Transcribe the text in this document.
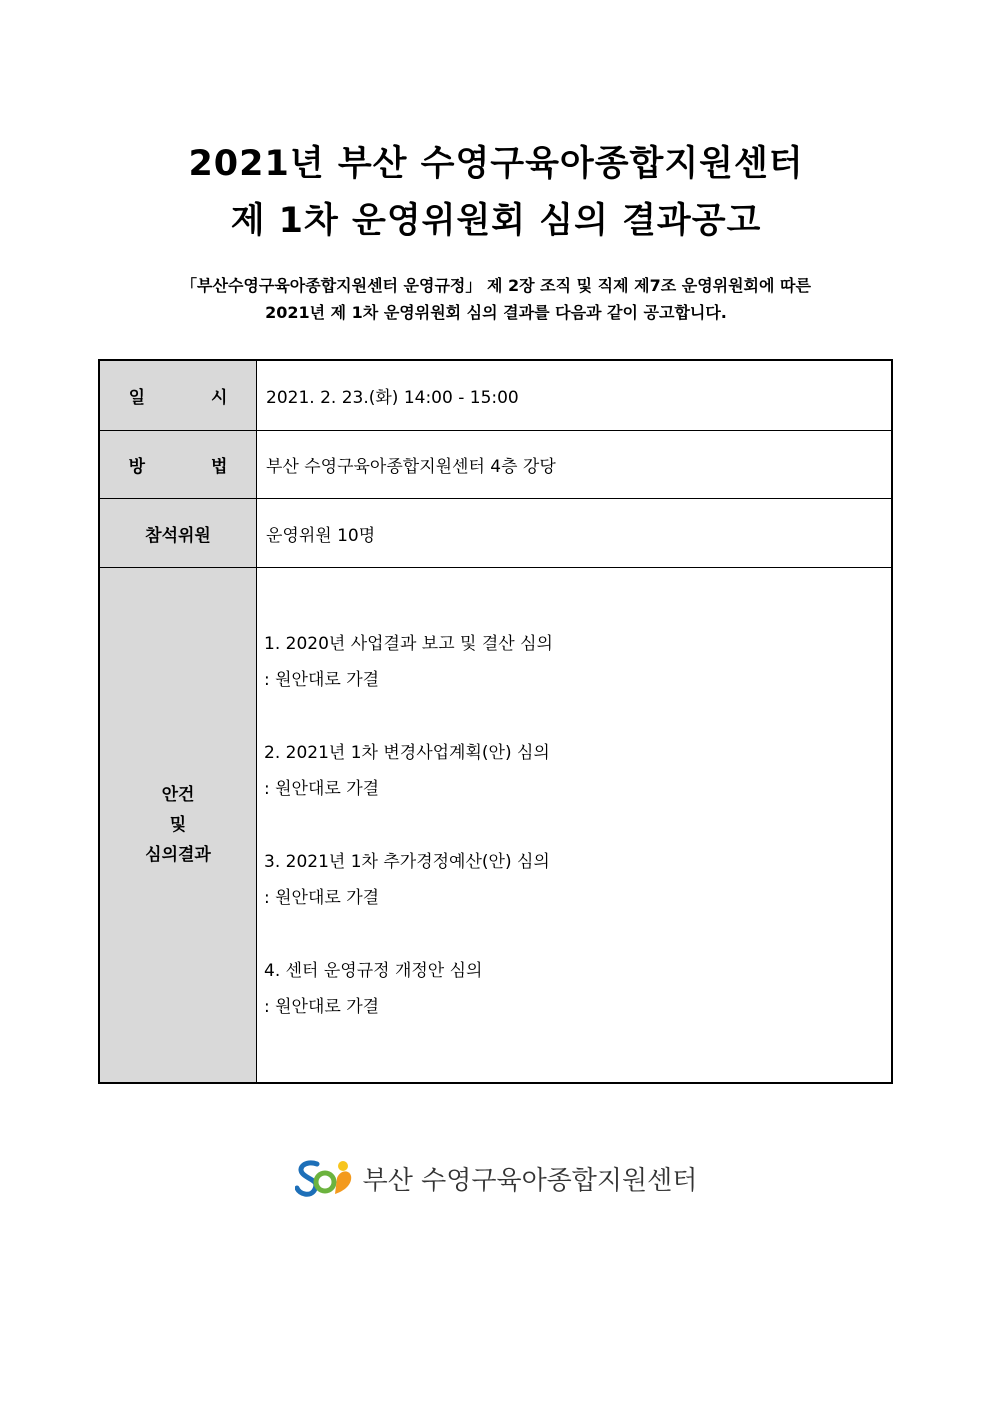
2021년 부산 수영구육아종합지원센터
제 1차 운영위원회 심의 결과공고
「부산수영구육아종합지원센터 운영규정」 제 2장 조직 및 직제 제7조 운영위원회에 따른
2021년 제 1차 운영위원회 심의 결과를 다음과 같이 공고합니다.
일 시 2021. 2. 23.(화) 14:00 - 15:00
방 법 부산 수영구육아종합지원센터 4층 강당
참석위원	운영위원 10명
안건
및
심의결과
1. 2020년 사업결과 보고 및 결산 심의
: 원안대로 가결
2. 2021년 1차 변경사업계획(안) 심의
: 원안대로 가결
3. 2021년 1차 추가경정예산(안) 심의
: 원안대로 가결
4. 센터 운영규정 개정안 심의
: 원안대로 가결
부산 수영구육아종합지원센터
